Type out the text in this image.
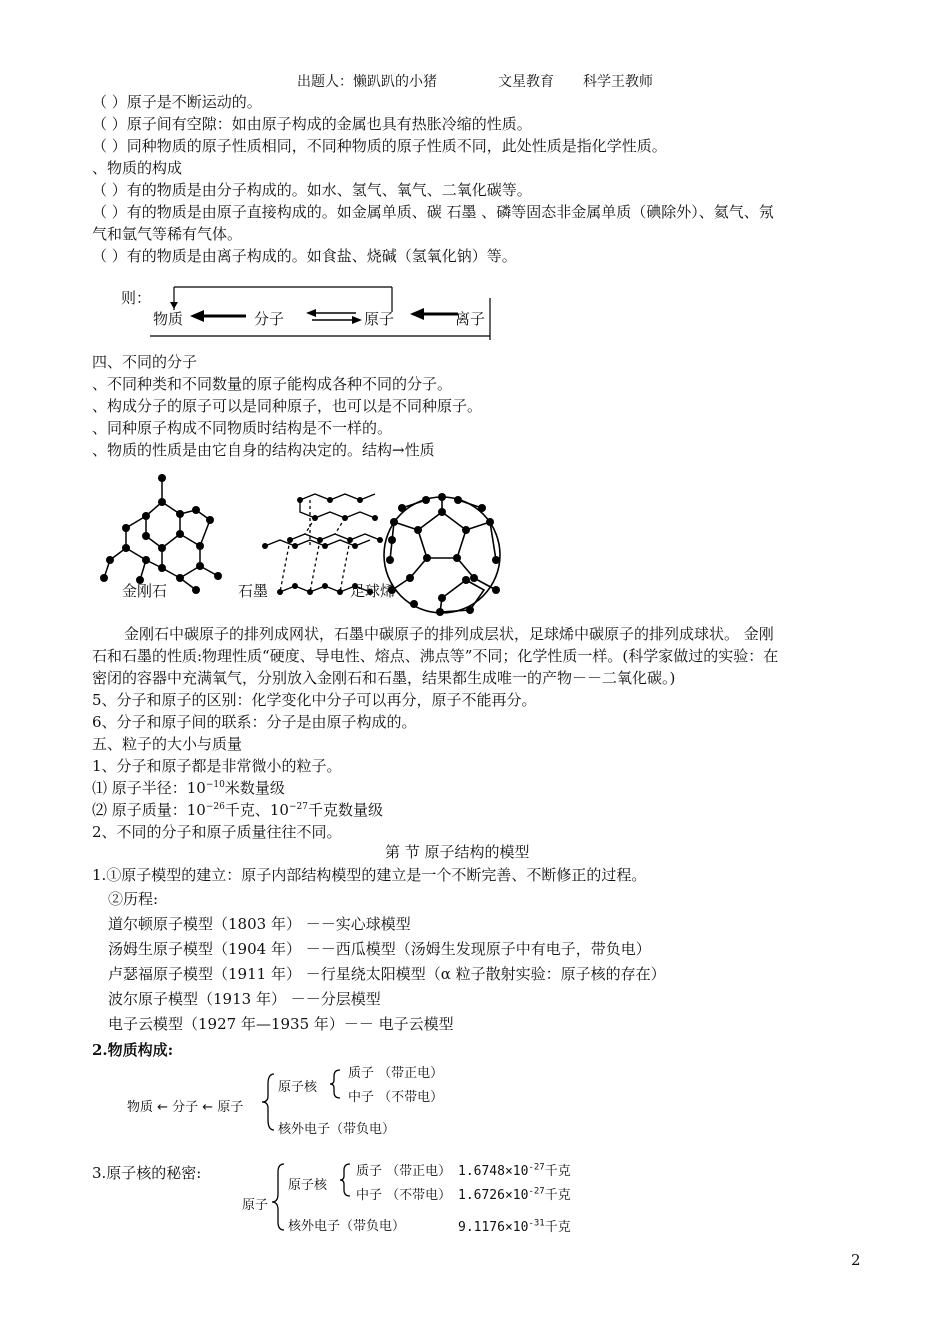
出题人：懒趴趴的小猪	文星教育 科学王教师
（ ）原子是不断运动的。
（ ）原子间有空隙：如由原子构成的金属也具有热胀冷缩的性质。
（ ）同种物质的原子性质相同，不同种物质的原子性质不同，此处性质是指化学性质。
、物质的构成
（ ）有的物质是由分子构成的。如水、氢气、氧气、二氧化碳等。
（ ）有的物质是由原子直接构成的。如金属单质、碳 石墨 、磷等固态非金属单质（碘除外）、氦气、氖
气和氩气等稀有气体。
（ ）有的物质是由离子构成的。如食盐、烧碱（氢氧化钠）等。
则：
物质	分子	原子	离子
四、不同的分子
、不同种类和不同数量的原子能构成各种不同的分子。
、构成分子的原子可以是同种原子，也可以是不同种原子。
、同种原子构成不同物质时结构是不一样的。
、物质的性质是由它自身的结构决定的。结构→性质
金刚石	石墨	足球烯
金刚石中碳原子的排列成网状，石墨中碳原子的排列成层状，足球烯中碳原子的排列成球状。 金刚
石和石墨的性质:物理性质“硬度、导电性、熔点、沸点等”不同；化学性质一样。(科学家做过的实验：在
密闭的容器中充满氧气，分别放入金刚石和石墨，结果都生成唯一的产物－－二氧化碳。)
5、分子和原子的区别：化学变化中分子可以再分，原子不能再分。
6、分子和原子间的联系：分子是由原子构成的。
五、粒子的大小与质量
1、分子和原子都是非常微小的粒子。
⑴ 原子半径：$10^{-10}$米数量级
⑵ 原子质量：$10^{-26}$千克、$10^{-27}$千克数量级
2、不同的分子和原子质量往往不同。
第 节 原子结构的模型
1.①原子模型的建立：原子内部结构模型的建立是一个不断完善、不断修正的过程。
②历程:
道尔顿原子模型（1803 年） －－实心球模型
汤姆生原子模型（1904 年） －－西瓜模型（汤姆生发现原子中有电子，带负电）
卢瑟福原子模型（1911 年） －行星绕太阳模型（α 粒子散射实验：原子核的存在）
波尔原子模型（1913 年） －－分层模型
电子云模型（1927 年—1935 年）－－ 电子云模型
2.物质构成:
物质 ← 分子 ← 原子
原子核
质子 （带正电）
中子 （不带电）
核外电子（带负电）
3.原子核的秘密:
原子
原子核
质子 （带正电）
中子 （不带电）
核外电子（带负电）
$1.6748\times 10^{-27}$千克
$1.6726\times 10^{-27}$千克
$9.1176\times 10^{-31}$千克
2
